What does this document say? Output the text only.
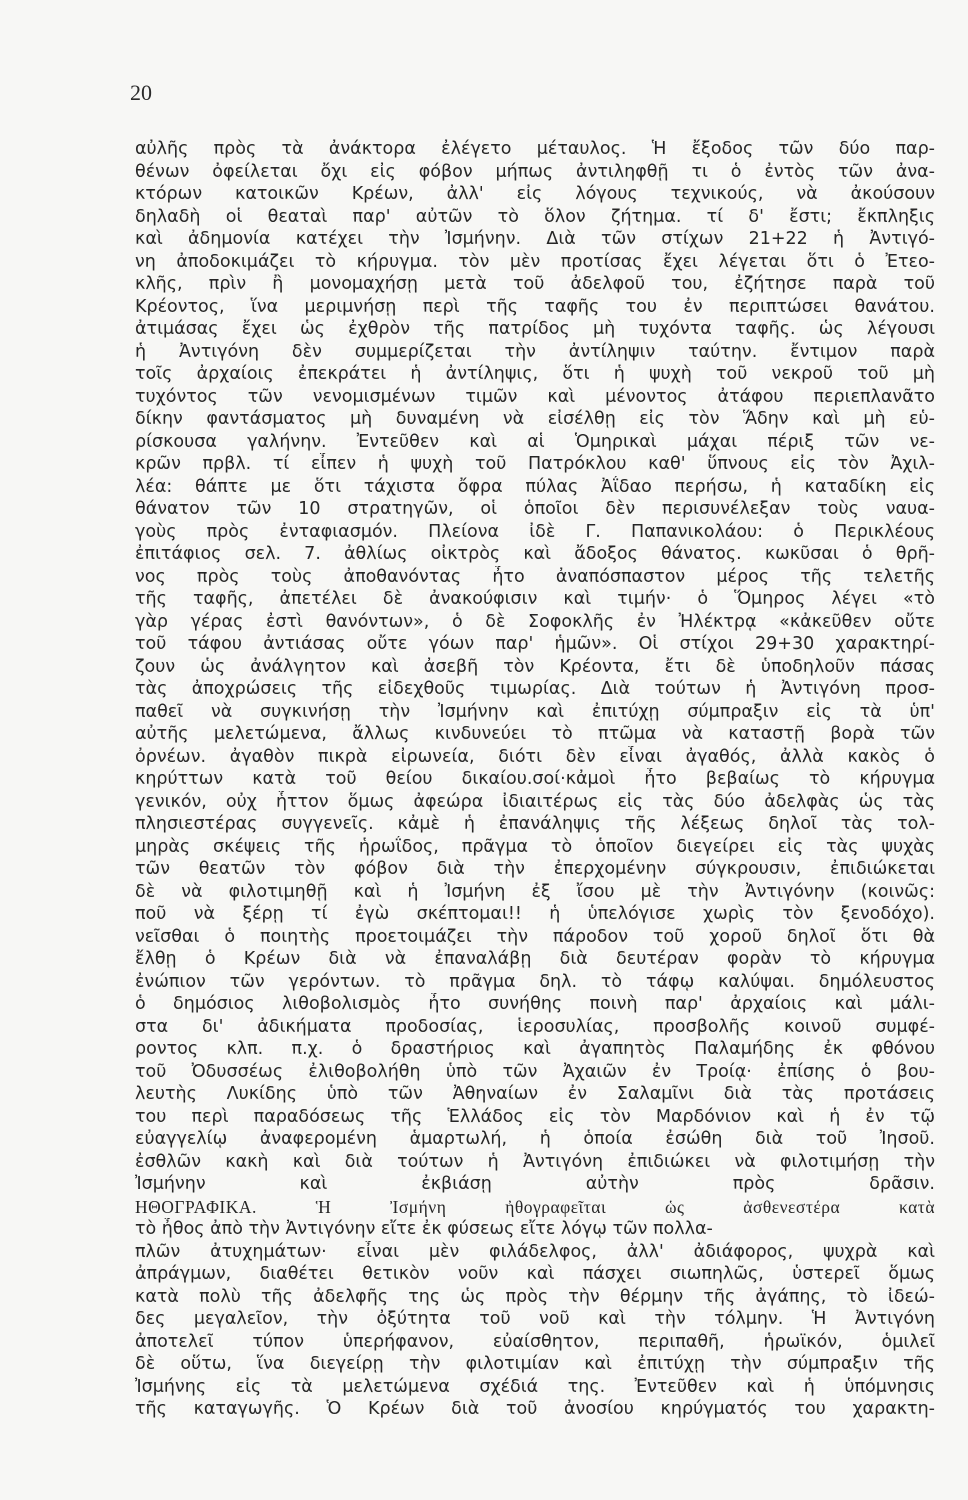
20
αὐλῆς πρὸς τὰ ἀνάκτορα ἐλέγετο μέταυλος. Ἡ ἔξοδος τῶν δύο παρ-
θένων ὀφείλεται ὄχι εἰς φόβον μήπως ἀντιληφθῇ τι ὁ ἐντὸς τῶν ἀνα-
κτόρων κατοικῶν Κρέων, ἀλλ' εἰς λόγους τεχνικούς, νὰ ἀκούσουν
δηλαδὴ οἱ θεαταὶ παρ' αὐτῶν τὸ ὅλον ζήτημα. τί δ' ἔστι; ἔκπληξις
καὶ ἀδημονία κατέχει τὴν Ἰσμήνην. Διὰ τῶν στίχων 21+22 ἡ Ἀντιγό-
νη ἀποδοκιμάζει τὸ κήρυγμα. τὸν μὲν προτίσας ἔχει λέγεται ὅτι ὁ Ἐτεο-
κλῆς, πρὶν ἢ μονομαχήσῃ μετὰ τοῦ ἀδελφοῦ του, ἐζήτησε παρὰ τοῦ
Κρέοντος, ἵνα μεριμνήσῃ περὶ τῆς ταφῆς του ἐν περιπτώσει θανάτου.
ἀτιμάσας ἔχει ὡς ἐχθρὸν τῆς πατρίδος μὴ τυχόντα ταφῆς. ὡς λέγουσι
ἡ Ἀντιγόνη δὲν συμμερίζεται τὴν ἀντίληψιν ταύτην. ἔντιμον παρὰ
τοῖς ἀρχαίοις ἐπεκράτει ἡ ἀντίληψις, ὅτι ἡ ψυχὴ τοῦ νεκροῦ τοῦ μὴ
τυχόντος τῶν νενομισμένων τιμῶν καὶ μένοντος ἀτάφου περιεπλανᾶτο
δίκην φαντάσματος μὴ δυναμένη νὰ εἰσέλθῃ εἰς τὸν Ἅδην καὶ μὴ εὑ-
ρίσκουσα γαλήνην. Ἐντεῦθεν καὶ αἱ Ὁμηρικαὶ μάχαι πέριξ τῶν νε-
κρῶν πρβλ. τί εἶπεν ἡ ψυχὴ τοῦ Πατρόκλου καθ' ὕπνους εἰς τὸν Ἀχιλ-
λέα: θάπτε με ὅτι τάχιστα ὄφρα πύλας Ἀΐδαο περήσω, ἡ καταδίκη εἰς
θάνατον τῶν 10 στρατηγῶν, οἱ ὁποῖοι δὲν περισυνέλεξαν τοὺς ναυα-
γοὺς πρὸς ἐνταφιασμόν. Πλείονα ἰδὲ Γ. Παπανικολάου: ὁ Περικλέους
ἐπιτάφιος σελ. 7. ἀθλίως οἰκτρὸς καὶ ἄδοξος θάνατος. κωκῦσαι ὁ θρῆ-
νος πρὸς τοὺς ἀποθανόντας ἦτο ἀναπόσπαστον μέρος τῆς τελετῆς
τῆς ταφῆς, ἀπετέλει δὲ ἀνακούφισιν καὶ τιμήν· ὁ Ὅμηρος λέγει «τὸ
γὰρ γέρας ἐστὶ θανόντων», ὁ δὲ Σοφοκλῆς ἐν Ἠλέκτρᾳ «κἀκεῦθεν οὔτε
τοῦ τάφου ἀντιάσας οὔτε γόων παρ' ἡμῶν». Οἱ στίχοι 29+30 χαρακτηρί-
ζουν ὡς ἀνάλγητον καὶ ἀσεβῆ τὸν Κρέοντα, ἔτι δὲ ὑποδηλοῦν πάσας
τὰς ἀποχρώσεις τῆς εἰδεχθοῦς τιμωρίας. Διὰ τούτων ἡ Ἀντιγόνη προσ-
παθεῖ νὰ συγκινήσῃ τὴν Ἰσμήνην καὶ ἐπιτύχῃ σύμπραξιν εἰς τὰ ὑπ'
αὐτῆς μελετώμενα, ἄλλως κινδυνεύει τὸ πτῶμα νὰ καταστῇ βορὰ τῶν
ὀρνέων. ἀγαθὸν πικρὰ εἰρωνεία, διότι δὲν εἶναι ἀγαθός, ἀλλὰ κακὸς ὁ
κηρύττων κατὰ τοῦ θείου δικαίου.σοί·κἀμοὶ ἦτο βεβαίως τὸ κήρυγμα
γενικόν, οὐχ ἧττον ὅμως ἀφεώρα ἰδιαιτέρως εἰς τὰς δύο ἀδελφὰς ὡς τὰς
πλησιεστέρας συγγενεῖς. κἀμὲ ἡ ἐπανάληψις τῆς λέξεως δηλοῖ τὰς τολ-
μηρὰς σκέψεις τῆς ἡρωΐδος, πρᾶγμα τὸ ὁποῖον διεγείρει εἰς τὰς ψυχὰς
τῶν θεατῶν τὸν φόβον διὰ τὴν ἐπερχομένην σύγκρουσιν, ἐπιδιώκεται
δὲ νὰ φιλοτιμηθῇ καὶ ἡ Ἰσμήνη ἐξ ἴσου μὲ τὴν Ἀντιγόνην (κοινῶς:
ποῦ νὰ ξέρῃ τί ἐγὼ σκέπτομαι!! ἡ ὑπελόγισε χωρὶς τὸν ξενοδόχο).
νεῖσθαι ὁ ποιητὴς προετοιμάζει τὴν πάροδον τοῦ χοροῦ δηλοῖ ὅτι θὰ
ἔλθῃ ὁ Κρέων διὰ νὰ ἐπαναλάβῃ διὰ δευτέραν φορὰν τὸ κήρυγμα
ἐνώπιον τῶν γερόντων. τὸ πρᾶγμα δηλ. τὸ τάφῳ καλύψαι. δημόλευστος
ὁ δημόσιος λιθοβολισμὸς ἦτο συνήθης ποινὴ παρ' ἀρχαίοις καὶ μάλι-
στα δι' ἀδικήματα προδοσίας, ἱεροσυλίας, προσβολῆς κοινοῦ συμφέ-
ροντος κλπ. π.χ. ὁ δραστήριος καὶ ἀγαπητὸς Παλαμήδης ἐκ φθόνου
τοῦ Ὀδυσσέως ἐλιθοβολήθη ὑπὸ τῶν Ἀχαιῶν ἐν Τροίᾳ· ἐπίσης ὁ βου-
λευτὴς Λυκίδης ὑπὸ τῶν Ἀθηναίων ἐν Σαλαμῖνι διὰ τὰς προτάσεις
του περὶ παραδόσεως τῆς Ἑλλάδος εἰς τὸν Μαρδόνιον καὶ ἡ ἐν τῷ
εὐαγγελίῳ ἀναφερομένη ἁμαρτωλή, ἡ ὁποία ἐσώθη διὰ τοῦ Ἰησοῦ.
ἐσθλῶν κακὴ καὶ διὰ τούτων ἡ Ἀντιγόνη ἐπιδιώκει νὰ φιλοτιμήσῃ τὴν
Ἰσμήνην καὶ ἐκβιάσῃ αὐτὴν πρὸς δρᾶσιν.
ΗΘΟΓΡΑΦΙΚΑ. Ἡ Ἰσμήνη ἠθογραφεῖται ὡς ἀσθενεστέρα κατὰ
τὸ ἦθος ἀπὸ τὴν Ἀντιγόνην εἴτε ἐκ φύσεως εἴτε λόγῳ τῶν πολλα-
πλῶν ἀτυχημάτων· εἶναι μὲν φιλάδελφος, ἀλλ' ἀδιάφορος, ψυχρὰ καὶ
ἀπράγμων, διαθέτει θετικὸν νοῦν καὶ πάσχει σιωπηλῶς, ὑστερεῖ ὅμως
κατὰ πολὺ τῆς ἀδελφῆς της ὡς πρὸς τὴν θέρμην τῆς ἀγάπης, τὸ ἰδεώ-
δες μεγαλεῖον, τὴν ὀξύτητα τοῦ νοῦ καὶ τὴν τόλμην. Ἡ Ἀντιγόνη
ἀποτελεῖ τύπον ὑπερήφανον, εὐαίσθητον, περιπαθῆ, ἡρωϊκόν, ὁμιλεῖ
δὲ οὕτω, ἵνα διεγείρῃ τὴν φιλοτιμίαν καὶ ἐπιτύχῃ τὴν σύμπραξιν τῆς
Ἰσμήνης εἰς τὰ μελετώμενα σχέδιά της. Ἐντεῦθεν καὶ ἡ ὑπόμνησις
τῆς καταγωγῆς. Ὁ Κρέων διὰ τοῦ ἀνοσίου κηρύγματός του χαρακτη-
